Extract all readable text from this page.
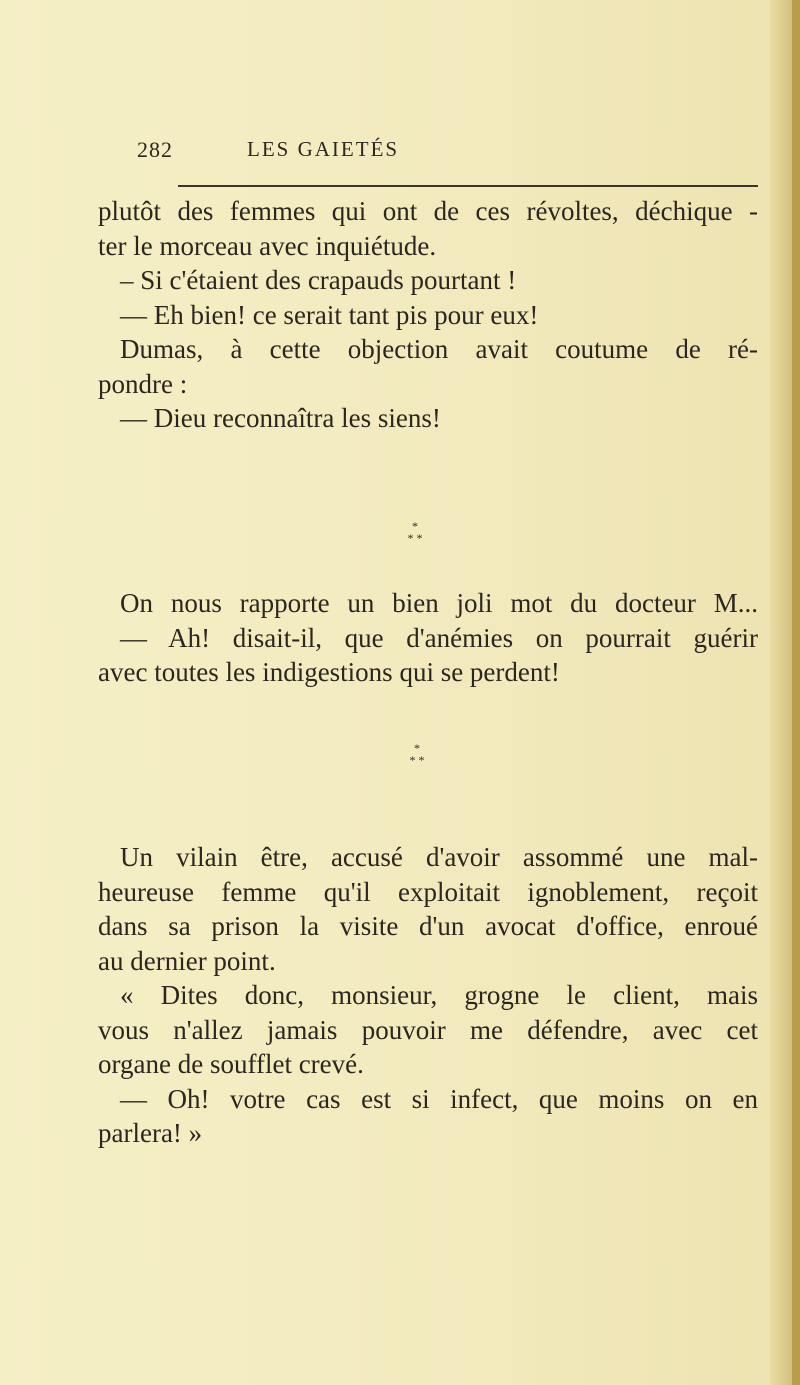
282	LES GAIETÉS
plutôt des femmes qui ont de ces révoltes, déchique -
ter le morceau avec inquiétude.
– Si c'étaient des crapauds pourtant !
— Eh bien! ce serait tant pis pour eux!
Dumas, à cette objection avait coutume de ré-
pondre :
— Dieu reconnaîtra les siens!
*
* *
On nous rapporte un bien joli mot du docteur M...
— Ah! disait-il, que d'anémies on pourrait guérir
avec toutes les indigestions qui se perdent!
*
* *
Un vilain être, accusé d'avoir assommé une mal-
heureuse femme qu'il exploitait ignoblement, reçoit
dans sa prison la visite d'un avocat d'office, enroué
au dernier point.
« Dites donc, monsieur, grogne le client, mais
vous n'allez jamais pouvoir me défendre, avec cet
organe de soufflet crevé.
— Oh! votre cas est si infect, que moins on en
parlera! »
